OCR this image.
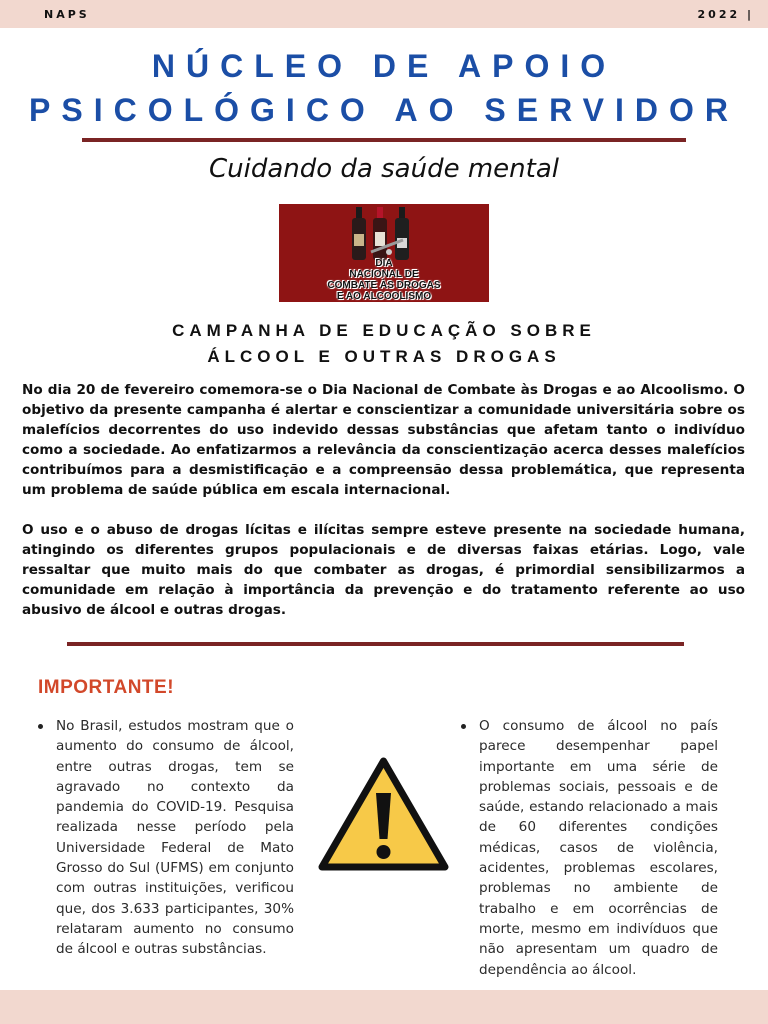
NAPS	2022 |
NÚCLEO DE APOIO
PSICOLÓGICO AO SERVIDOR
Cuidando da saúde mental
DIA
NACIONAL DE
COMBATE ÀS DROGAS
E AO ALCOOLISMO
CAMPANHA DE EDUCAÇÃO SOBRE
ÁLCOOL E OUTRAS DROGAS
No dia 20 de fevereiro comemora-se o Dia Nacional de Combate às Drogas e ao Alcoolismo. O objetivo da presente campanha é alertar e conscientizar a comunidade universitária sobre os malefícios decorrentes do uso indevido dessas substâncias que afetam tanto o indivíduo como a sociedade. Ao enfatizarmos a relevância da conscientização acerca desses malefícios contribuímos para a desmistificação e a compreensão dessa problemática, que representa um problema de saúde pública em escala internacional.
O uso e o abuso de drogas lícitas e ilícitas sempre esteve presente na sociedade humana, atingindo os diferentes grupos populacionais e de diversas faixas etárias. Logo, vale ressaltar que muito mais do que combater as drogas, é primordial sensibilizarmos a comunidade em relação à importância da prevenção e do tratamento referente ao uso abusivo de álcool e outras drogas.
IMPORTANTE!
No Brasil, estudos mostram que o aumento do consumo de álcool, entre outras drogas, tem se agravado no contexto da pandemia do COVID-19. Pesquisa realizada nesse período pela Universidade Federal de Mato Grosso do Sul (UFMS) em conjunto com outras instituições, verificou que, dos 3.633 participantes, 30% relataram aumento no consumo de álcool e outras substâncias.
O consumo de álcool no país parece desempenhar papel importante em uma série de problemas sociais, pessoais e de saúde, estando relacionado a mais de 60 diferentes condições médicas, casos de violência, acidentes, problemas escolares, problemas no ambiente de trabalho e em ocorrências de morte, mesmo em indivíduos que não apresentam um quadro de dependência ao álcool.
